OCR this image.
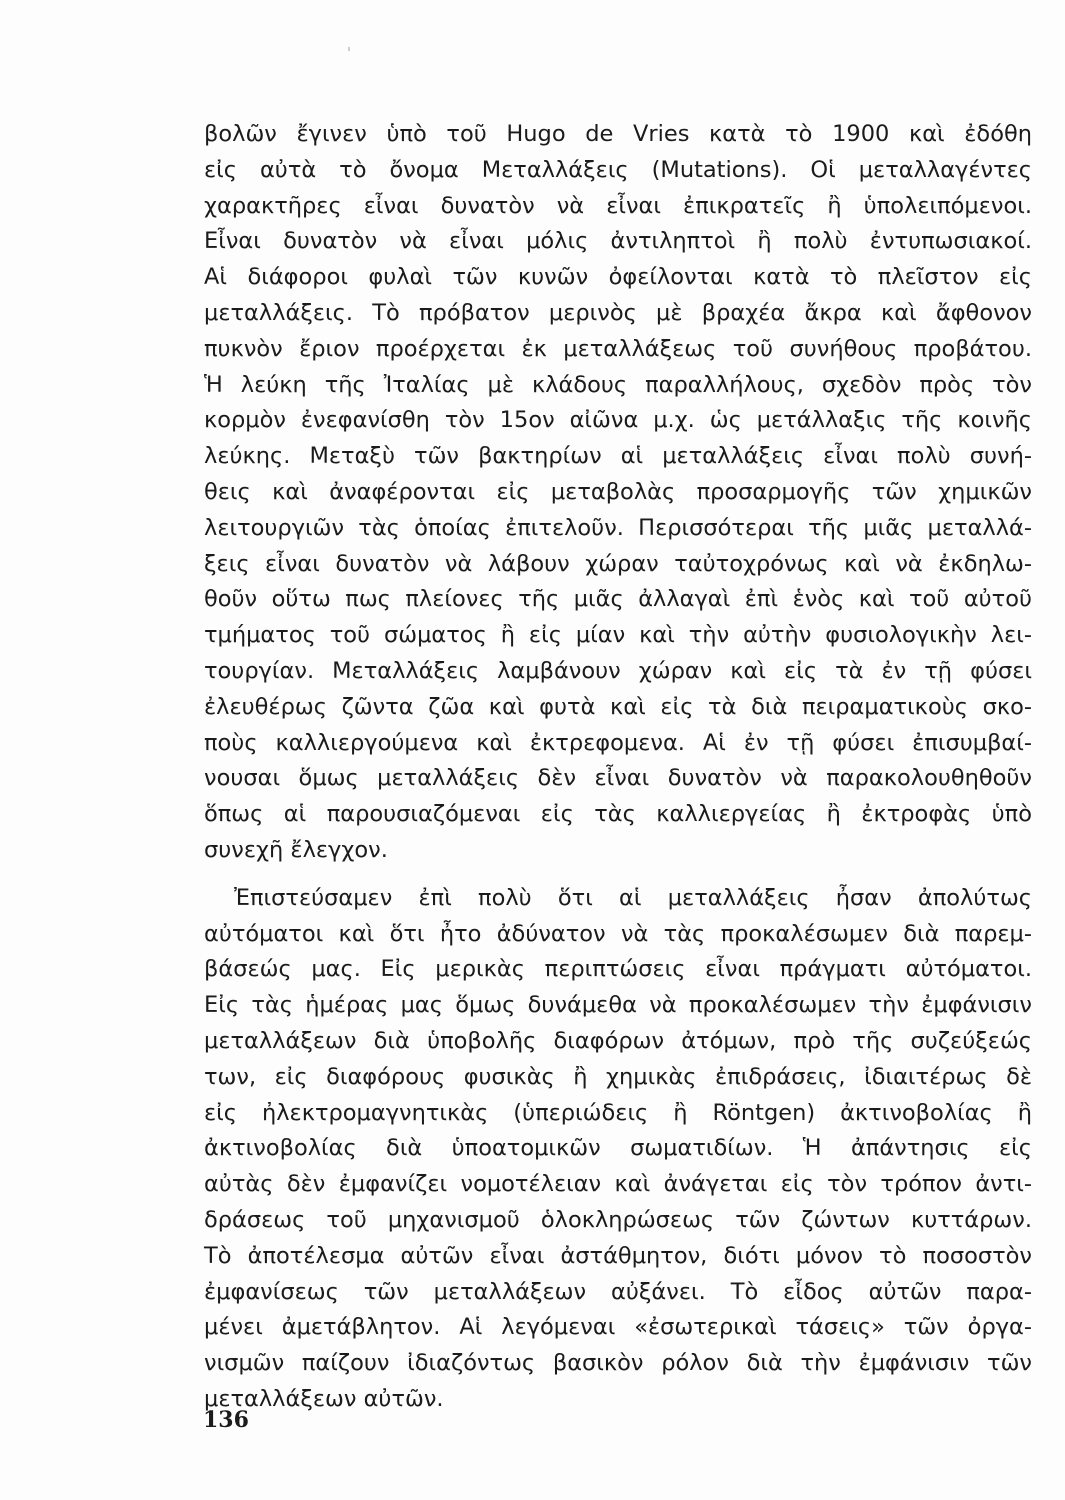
βολῶν ἔγινεν ὑπὸ τοῦ Hugo de Vries κατὰ τὸ 1900 καὶ ἐδόθη
εἰς αὐτὰ τὸ ὄνομα Μεταλλάξεις (Mutations). Οἱ μεταλλαγέντες
χαρακτῆρες εἶναι δυνατὸν νὰ εἶναι ἐπικρατεῖς ἢ ὑπολειπόμενοι.
Εἶναι δυνατὸν νὰ εἶναι μόλις ἀντιληπτοὶ ἢ πολὺ ἐντυπωσιακοί.
Αἱ διάφοροι φυλαὶ τῶν κυνῶν ὀφείλονται κατὰ τὸ πλεῖστον εἰς
μεταλλάξεις. Τὸ πρόβατον μερινὸς μὲ βραχέα ἄκρα καὶ ἄφθονον
πυκνὸν ἔριον προέρχεται ἐκ μεταλλάξεως τοῦ συνήθους προβάτου.
Ἡ λεύκη τῆς Ἰταλίας μὲ κλάδους παραλλήλους, σχεδὸν πρὸς τὸν
κορμὸν ἐνεφανίσθη τὸν 15ον αἰῶνα μ.χ. ὡς μετάλλαξις τῆς κοινῆς
λεύκης. Μεταξὺ τῶν βακτηρίων αἱ μεταλλάξεις εἶναι πολὺ συνή-
θεις καὶ ἀναφέρονται εἰς μεταβολὰς προσαρμογῆς τῶν χημικῶν
λειτουργιῶν τὰς ὁποίας ἐπιτελοῦν. Περισσότεραι τῆς μιᾶς μεταλλά-
ξεις εἶναι δυνατὸν νὰ λάβουν χώραν ταὐτοχρόνως καὶ νὰ ἐκδηλω-
θοῦν οὕτω πως πλείονες τῆς μιᾶς ἀλλαγαὶ ἐπὶ ἑνὸς καὶ τοῦ αὐτοῦ
τμήματος τοῦ σώματος ἢ εἰς μίαν καὶ τὴν αὐτὴν φυσιολογικὴν λει-
τουργίαν. Μεταλλάξεις λαμβάνουν χώραν καὶ εἰς τὰ ἐν τῇ φύσει
ἐλευθέρως ζῶντα ζῶα καὶ φυτὰ καὶ εἰς τὰ διὰ πειραματικοὺς σκο-
ποὺς καλλιεργούμενα καὶ ἐκτρεφομενα. Αἱ ἐν τῇ φύσει ἐπισυμβαί-
νουσαι ὅμως μεταλλάξεις δὲν εἶναι δυνατὸν νὰ παρακολουθηθοῦν
ὅπως αἱ παρουσιαζόμεναι εἰς τὰς καλλιεργείας ἢ ἐκτροφὰς ὑπὸ
συνεχῆ ἔλεγχον.
Ἐπιστεύσαμεν ἐπὶ πολὺ ὅτι αἱ μεταλλάξεις ἦσαν ἀπολύτως
αὐτόματοι καὶ ὅτι ἦτο ἀδύνατον νὰ τὰς προκαλέσωμεν διὰ παρεμ-
βάσεώς μας. Εἰς μερικὰς περιπτώσεις εἶναι πράγματι αὐτόματοι.
Εἰς τὰς ἡμέρας μας ὅμως δυνάμεθα νὰ προκαλέσωμεν τὴν ἐμφάνισιν
μεταλλάξεων διὰ ὑποβολῆς διαφόρων ἀτόμων, πρὸ τῆς συζεύξεώς
των, εἰς διαφόρους φυσικὰς ἢ χημικὰς ἐπιδράσεις, ἰδιαιτέρως δὲ
εἰς ἠλεκτρομαγνητικὰς (ὑπεριώδεις ἢ Röntgen) ἀκτινοβολίας ἢ
ἀκτινοβολίας διὰ ὑποατομικῶν σωματιδίων. Ἡ ἀπάντησις εἰς
αὐτὰς δὲν ἐμφανίζει νομοτέλειαν καὶ ἀνάγεται εἰς τὸν τρόπον ἀντι-
δράσεως τοῦ μηχανισμοῦ ὁλοκληρώσεως τῶν ζώντων κυττάρων.
Τὸ ἀποτέλεσμα αὐτῶν εἶναι ἀστάθμητον, διότι μόνον τὸ ποσοστὸν
ἐμφανίσεως τῶν μεταλλάξεων αὐξάνει. Τὸ εἶδος αὐτῶν παρα-
μένει ἀμετάβλητον. Αἱ λεγόμεναι «ἐσωτερικαὶ τάσεις» τῶν ὀργα-
νισμῶν παίζουν ἰδιαζόντως βασικὸν ρόλον διὰ τὴν ἐμφάνισιν τῶν
μεταλλάξεων αὐτῶν.
136
